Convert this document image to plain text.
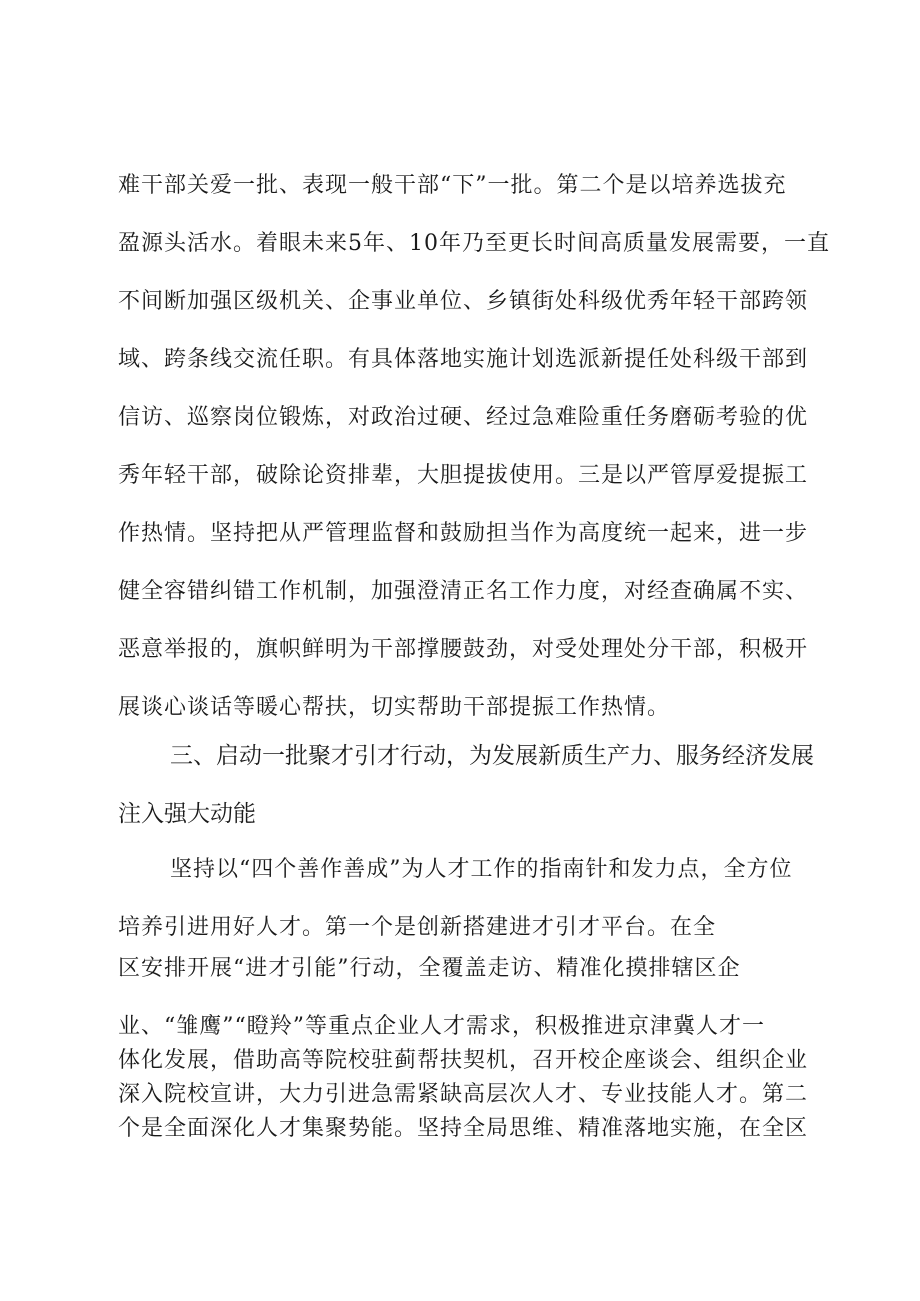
难干部关爱一批、表现一般干部“下”一批。第二个是以培养选拔充
盈源头活水。着眼未来5年、10年乃至更长时间高质量发展需要，一直
不间断加强区级机关、企事业单位、乡镇街处科级优秀年轻干部跨领
域、跨条线交流任职。有具体落地实施计划选派新提任处科级干部到
信访、巡察岗位锻炼，对政治过硬、经过急难险重任务磨砺考验的优
秀年轻干部，破除论资排辈，大胆提拔使用。三是以严管厚爱提振工
作热情。坚持把从严管理监督和鼓励担当作为高度统一起来，进一步
健全容错纠错工作机制，加强澄清正名工作力度，对经查确属不实、
恶意举报的，旗帜鲜明为干部撑腰鼓劲，对受处理处分干部，积极开
展谈心谈话等暖心帮扶，切实帮助干部提振工作热情。
三、启动一批聚才引才行动，为发展新质生产力、服务经济发展
注入强大动能
坚持以“四个善作善成”为人才工作的指南针和发力点，全方位
培养引进用好人才。第一个是创新搭建进才引才平台。在全
区安排开展“进才引能”行动，全覆盖走访、精准化摸排辖区企
业、“雏鹰”“瞪羚”等重点企业人才需求，积极推进京津冀人才一
体化发展，借助高等院校驻蓟帮扶契机，召开校企座谈会、组织企业
深入院校宣讲，大力引进急需紧缺高层次人才、专业技能人才。第二
个是全面深化人才集聚势能。坚持全局思维、精准落地实施，在全区
